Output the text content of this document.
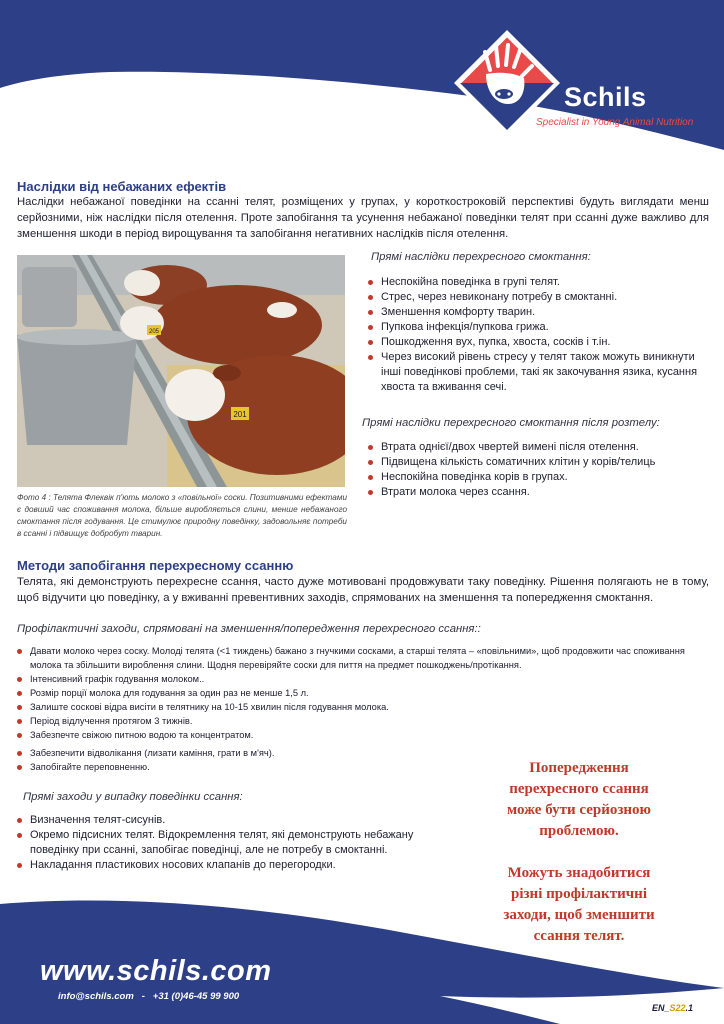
Schils
Specialist in Young Animal Nutrition
Наслідки від небажаних ефектів
Наслідки небажаної поведінки на ссанні телят, розміщених у групах, у короткостроковій перспективі будуть виглядати менш серйозними, ніж наслідки після отелення. Проте запобігання та усунення небажаної поведінки телят при ссанні дуже важливо для зменшення шкоди в період вирощування та запобігання негативних наслідків після отелення.
201
205
Фото 4 : Телята Флеквік п'ють молоко з «повільної» соски. Позитивними ефектами є довший час споживання молока, більше виробляється слини, менше небажаного смоктання після годування. Це стимулює природну поведінку, задовольняє потреби в ссанні і підвищує добробут тварин.
Прямі наслідки перехресного смоктання:
Неспокійна поведінка в групі телят.
Стрес, через невиконану потребу в смоктанні.
Зменшення комфорту тварин.
Пупкова інфекція/пупкова грижа.
Пошкодження вух, пупка, хвоста, сосків і т.ін.
Через високий рівень стресу у телят також можуть виникнути інші поведінкові проблеми, такі як закочування язика, кусання хвоста та вживання сечі.
Прямі наслідки перехресного смоктання після розтелу:
Втрата однієї/двох чвертей вимені після отелення.
Підвищена кількість соматичних клітин у корів/телиць
Неспокійна поведінка корів в групах.
Втрати молока через ссання.
Методи запобігання перехресному ссанню
Телята, які демонструють перехресне ссання, часто дуже мотивовані продовжувати таку поведінку. Рішення полягають не в тому, щоб відучити цю поведінку, а у вживанні превентивних заходів, спрямованих на зменшення та попередження смоктання.
Профілактичні заходи, спрямовані на зменшення/попередження перехресного ссання::
Давати молоко через соску. Молоді телята (<1 тиждень) бажано з гнучкими сосками, а старші телята – «повільними», щоб продовжити час споживання молока та збільшити вироблення слини. Щодня перевіряйте соски для пиття на предмет пошкоджень/протікання.
Інтенсивний графік годування молоком..
Розмір порції молока для годування за один раз не менше 1,5 л.
Залиште соскові відра висіти в телятнику на 10-15 хвилин після годування молока.
Період відлучення протягом 3 тижнів.
Забезпечте свіжою питною водою та концентратом.
Забезпечити відволікання (лизати каміння, грати в м'яч).
Запобігайте переповненню.
Прямі заходи у випадку поведінки ссання:
Визначення телят-сисунів.
Окремо підсисних телят. Відокремлення телят, які демонструють небажану поведінку при ссанні, запобігає поведінці, але не потребу в смоктанні.
Накладання пластикових носових клапанів до перегородки.
Попередження
перехресного ссання
може бути серйозною
проблемою.
Можуть знадобитися
різні профілактичні
заходи, щоб зменшити
ссання телят.
www.schils.com
info@schils.com - +31 (0)46-45 99 900
EN_S22.1
